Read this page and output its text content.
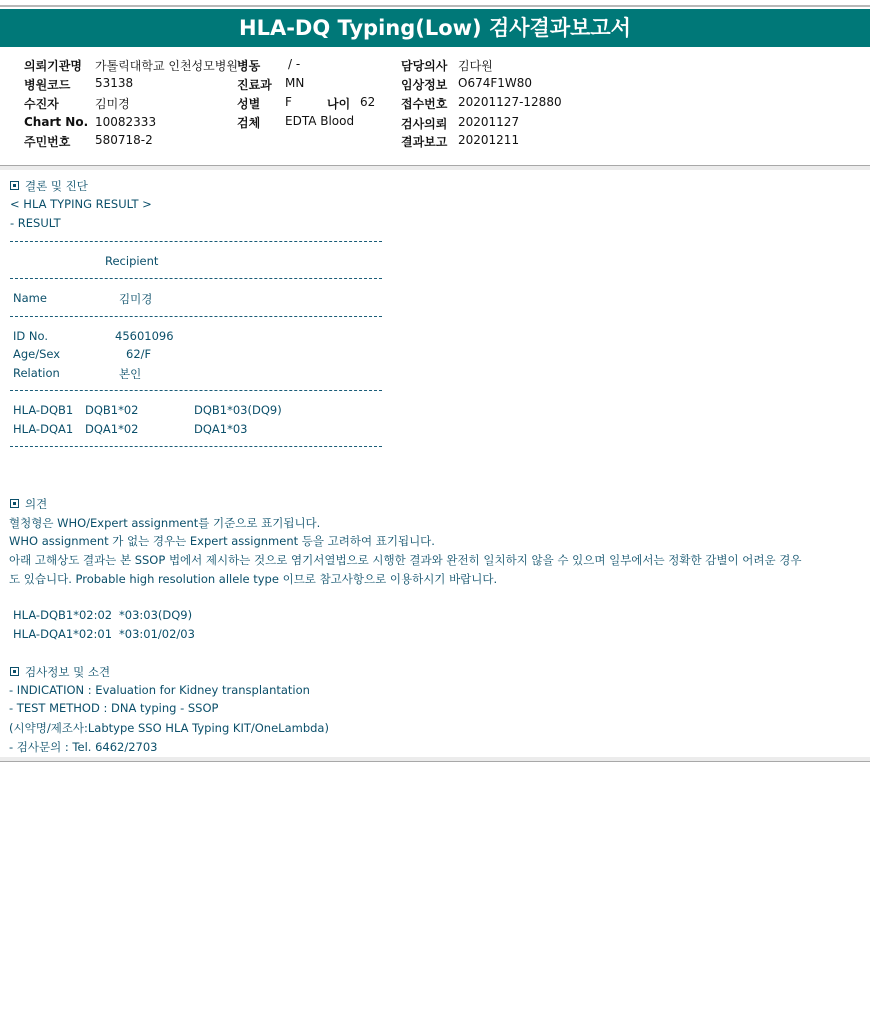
HLA-DQ Typing(Low) 검사결과보고서
의뢰기관명 가톨릭대학교 인천성모병원 병동 / -	담당의사 김다원
병원코드 53138	진료과 MN	임상정보 O674F1W80
수진자	김미경	성별 F	나이 62 접수번호 20201127-12880
Chart No. 10082333	검체 EDTA Blood	검사의뢰 20201127
주민번호 580718-2	결과보고 20201211
결론 및 진단
< HLA TYPING RESULT >
- RESULT
Recipient
Name	김미경
ID No.	45601096
Age/Sex	62/F
Relation	본인
HLA-DQB1 DQB1*02	DQB1*03(DQ9)
HLA-DQA1 DQA1*02	DQA1*03
의견
혈청형은 WHO/Expert assignment를 기준으로 표기됩니다.
WHO assignment 가 없는 경우는 Expert assignment 등을 고려하여 표기됩니다.
아래 고해상도 결과는 본 SSOP 법에서 제시하는 것으로 염기서열법으로 시행한 결과와 완전히 일치하지 않을 수 있으며 일부에서는 정확한 감별이 어려운 경우
도 있습니다. Probable high resolution allele type 이므로 참고사항으로 이용하시기 바랍니다.
HLA-DQB1*02:02 *03:03(DQ9)
HLA-DQA1*02:01 *03:01/02/03
검사정보 및 소견
- INDICATION : Evaluation for Kidney transplantation
- TEST METHOD : DNA typing - SSOP
(시약명/제조사:Labtype SSO HLA Typing KIT/OneLambda)
- 검사문의 : Tel. 6462/2703
